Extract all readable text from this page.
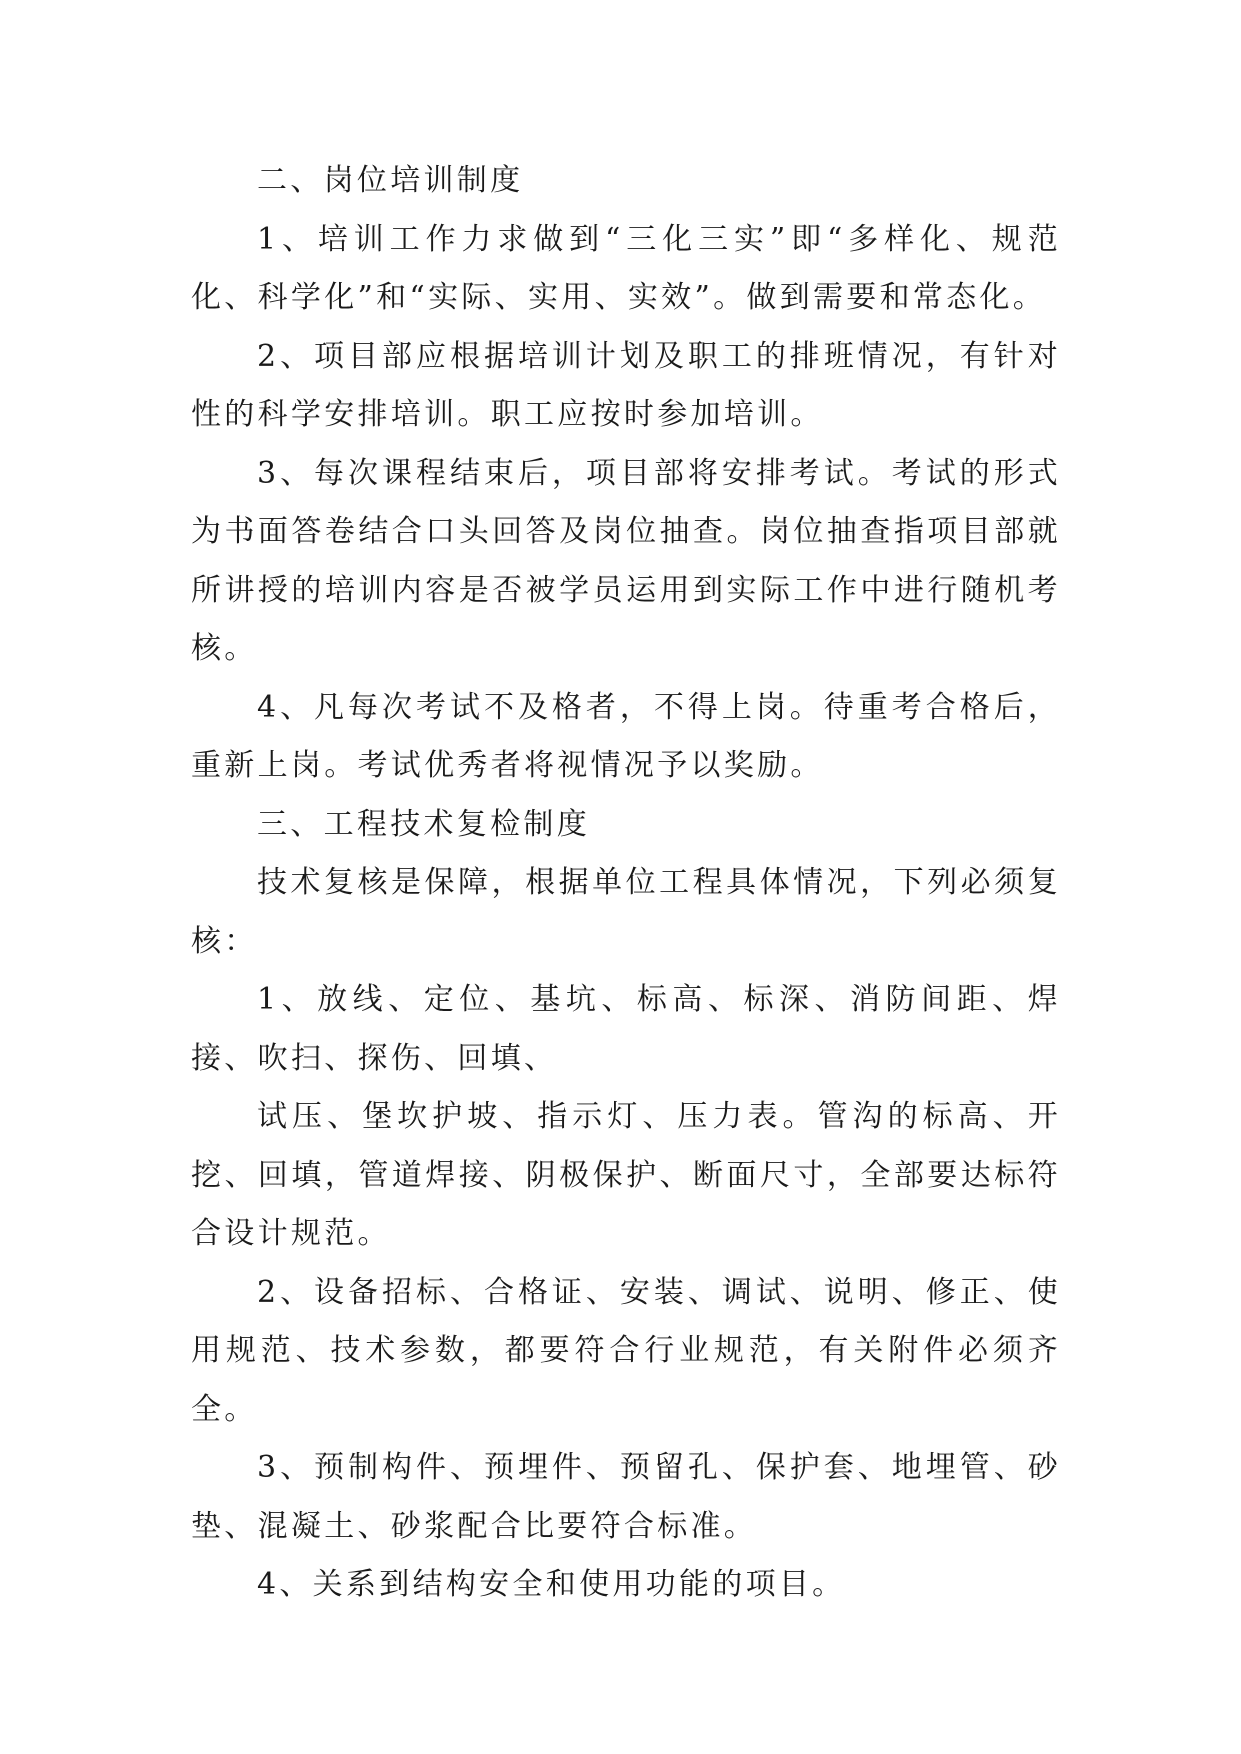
二、岗位培训制度

1、培训工作力求做到“三化三实”即“多样化、规范化、科学化”和“实际、实用、实效”。做到需要和常态化。

2、项目部应根据培训计划及职工的排班情况，有针对性的科学安排培训。职工应按时参加培训。

3、每次课程结束后，项目部将安排考试。考试的形式为书面答卷结合口头回答及岗位抽查。岗位抽查指项目部就所讲授的培训内容是否被学员运用到实际工作中进行随机考核。

4、凡每次考试不及格者，不得上岗。待重考合格后，重新上岗。考试优秀者将视情况予以奖励。

三、工程技术复检制度

技术复核是保障，根据单位工程具体情况，下列必须复核：

1、放线、定位、基坑、标高、标深、消防间距、焊接、吹扫、探伤、回填、

试压、堡坎护坡、指示灯、压力表。管沟的标高、开挖、回填，管道焊接、阴极保护、断面尺寸，全部要达标符合设计规范。

2、设备招标、合格证、安装、调试、说明、修正、使用规范、技术参数，都要符合行业规范，有关附件必须齐全。

3、预制构件、预埋件、预留孔、保护套、地埋管、砂垫、混凝土、砂浆配合比要符合标准。

4、关系到结构安全和使用功能的项目。
